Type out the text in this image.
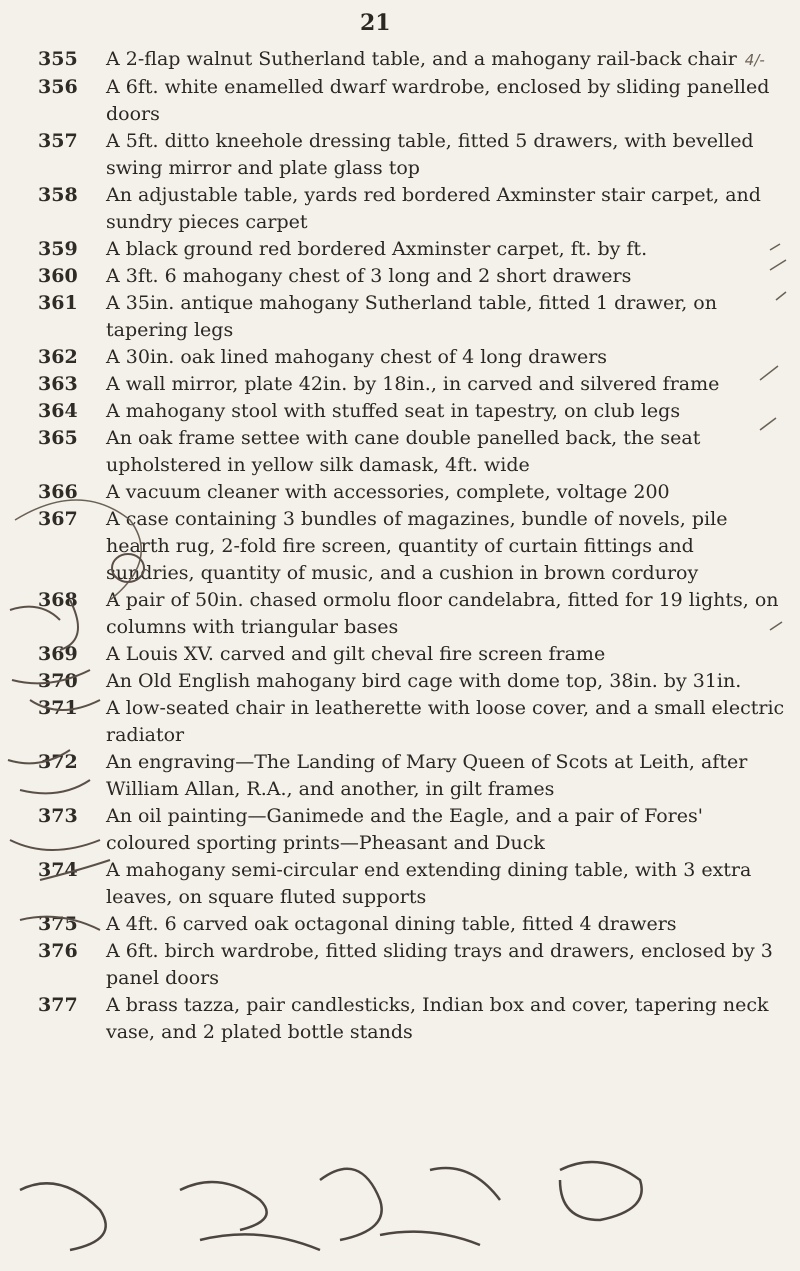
21
355 A 2-flap walnut Sutherland table, and a mahogany rail-back chair 4/-
356 A 6ft. white enamelled dwarf wardrobe, enclosed by sliding panelled doors
357 A 5ft. ditto kneehole dressing table, fitted 5 drawers, with bevelled swing mirror and plate glass top
358 An adjustable table, yards red bordered Axminster stair carpet, and sundry pieces carpet
359 A black ground red bordered Axminster carpet, ft. by ft.
360 A 3ft. 6 mahogany chest of 3 long and 2 short drawers
361 A 35in. antique mahogany Sutherland table, fitted 1 drawer, on tapering legs
362 A 30in. oak lined mahogany chest of 4 long drawers
363 A wall mirror, plate 42in. by 18in., in carved and silvered frame
364 A mahogany stool with stuffed seat in tapestry, on club legs
365 An oak frame settee with cane double panelled back, the seat upholstered in yellow silk damask, 4ft. wide
366 A vacuum cleaner with accessories, complete, voltage 200
367 A case containing 3 bundles of magazines, bundle of novels, pile hearth rug, 2-fold fire screen, quantity of curtain fittings and sundries, quantity of music, and a cushion in brown corduroy
368 A pair of 50in. chased ormolu floor candelabra, fitted for 19 lights, on columns with triangular bases
369 A Louis XV. carved and gilt cheval fire screen frame
370 An Old English mahogany bird cage with dome top, 38in. by 31in.
371 A low-seated chair in leatherette with loose cover, and a small electric radiator
372 An engraving—The Landing of Mary Queen of Scots at Leith, after William Allan, R.A., and another, in gilt frames
373 An oil painting—Ganimede and the Eagle, and a pair of Fores' coloured sporting prints—Pheasant and Duck
374 A mahogany semi-circular end extending dining table, with 3 extra leaves, on square fluted supports
375 A 4ft. 6 carved oak octagonal dining table, fitted 4 drawers
376 A 6ft. birch wardrobe, fitted sliding trays and drawers, enclosed by 3 panel doors
377 A brass tazza, pair candlesticks, Indian box and cover, tapering neck vase, and 2 plated bottle stands
